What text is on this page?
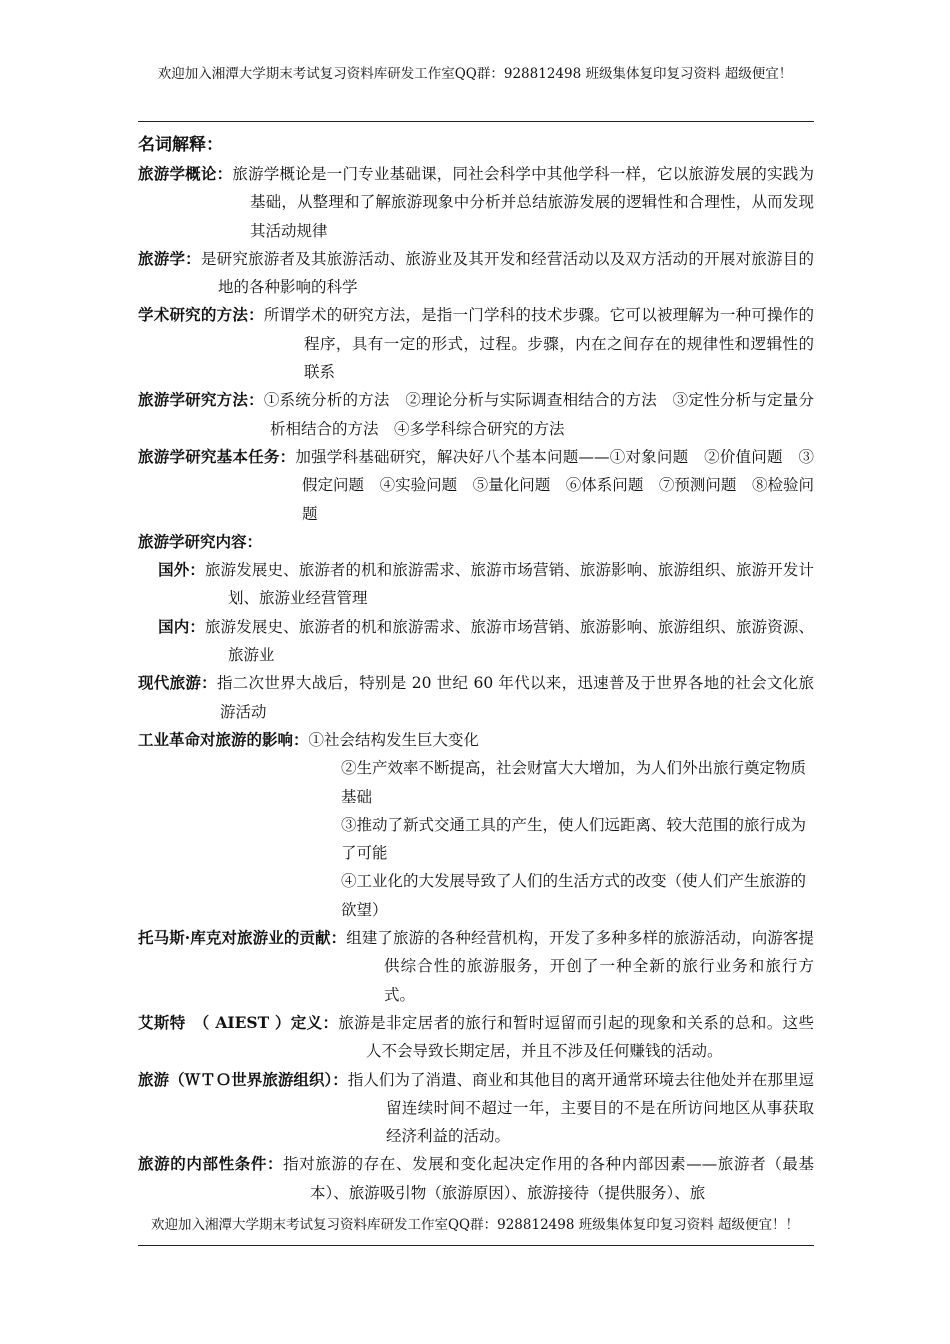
欢迎加入湘潭大学期末考试复习资料库研发工作室QQ群：928812498 班级集体复印复习资料 超级便宜！
名词解释：

旅游学概论：旅游学概论是一门专业基础课，同社会科学中其他学科一样，它以旅游发展的实践为基础，从整理和了解旅游现象中分析并总结旅游发展的逻辑性和合理性，从而发现其活动规律

旅游学：是研究旅游者及其旅游活动、旅游业及其开发和经营活动以及双方活动的开展对旅游目的地的各种影响的科学

学术研究的方法：所谓学术的研究方法，是指一门学科的技术步骤。它可以被理解为一种可操作的程序，具有一定的形式，过程。步骤，内在之间存在的规律性和逻辑性的联系

旅游学研究方法：①系统分析的方法　②理论分析与实际调查相结合的方法　③定性分析与定量分析相结合的方法　④多学科综合研究的方法

旅游学研究基本任务：加强学科基础研究，解决好八个基本问题——①对象问题　②价值问题　③假定问题　④实验问题　⑤量化问题　⑥体系问题　⑦预测问题　⑧检验问题

旅游学研究内容：

国外：旅游发展史、旅游者的机和旅游需求、旅游市场营销、旅游影响、旅游组织、旅游开发计划、旅游业经营管理

国内：旅游发展史、旅游者的机和旅游需求、旅游市场营销、旅游影响、旅游组织、旅游资源、旅游业

现代旅游：指二次世界大战后，特别是 20 世纪 60 年代以来，迅速普及于世界各地的社会文化旅游活动

工业革命对旅游的影响：①社会结构发生巨大变化

②生产效率不断提高，社会财富大大增加，为人们外出旅行奠定物质基础

③推动了新式交通工具的产生，使人们远距离、较大范围的旅行成为了可能

④工业化的大发展导致了人们的生活方式的改变（使人们产生旅游的欲望）

托马斯·库克对旅游业的贡献：组建了旅游的各种经营机构，开发了多种多样的旅游活动，向游客提供综合性的旅游服务，开创了一种全新的旅行业务和旅行方式。

艾斯特　（ AIEST ）定义：旅游是非定居者的旅行和暂时逗留而引起的现象和关系的总和。这些人不会导致长期定居，并且不涉及任何赚钱的活动。

旅游（ＷＴＯ世界旅游组织）：指人们为了消遣、商业和其他目的离开通常环境去往他处并在那里逗留连续时间不超过一年，主要目的不是在所访问地区从事获取经济利益的活动。

旅游的内部性条件：指对旅游的存在、发展和变化起决定作用的各种内部因素——旅游者（最基本）、旅游吸引物（旅游原因）、旅游接待（提供服务）、旅

欢迎加入湘潭大学期末考试复习资料库研发工作室QQ群：928812498 班级集体复印复习资料 超级便宜！！
